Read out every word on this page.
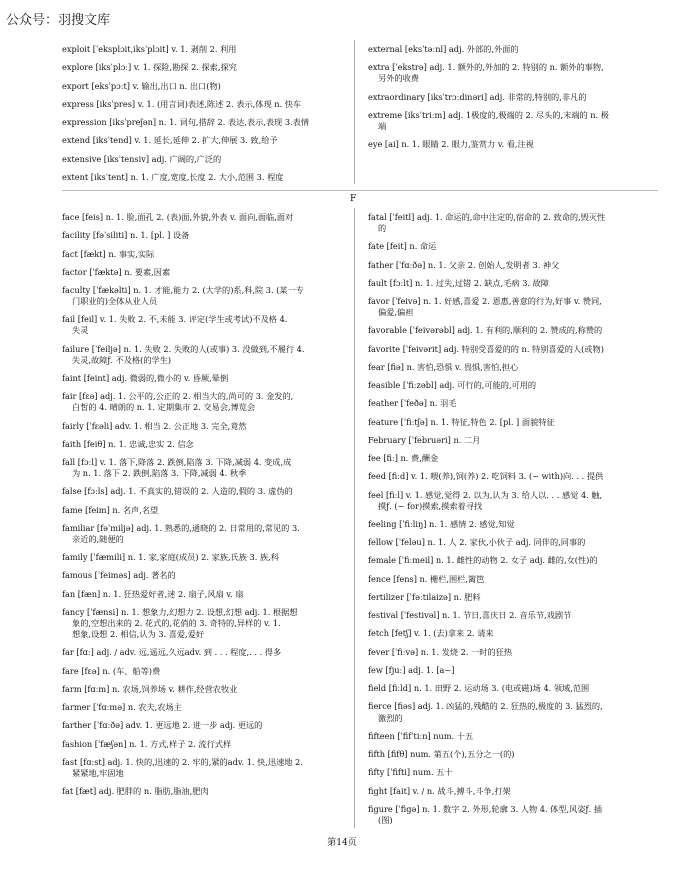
公众号：羽搜文库
exploit [ˈeksplɔit,iksˈplɔit] v. 1. 剥削 2. 利用
explore [iksˈplɔː] v. 1. 探险,勘探 2. 探索,探究
export [eksˈpɔːt] v. 输出,出口 n. 出口(物)
express [iksˈpres] v. 1. (用言词)表述,陈述 2. 表示,体现 n. 快车
expression [iksˈpreʃən] n. 1. 词句,措辞 2. 表达,表示,表现 3.表情
extend [iksˈtend] v. 1. 延长,延伸 2. 扩大,伸展 3. 致,给予
extensive [iksˈtensiv] adj. 广阔的,广泛的
extent [iksˈtent] n. 1. 广度,宽度,长度 2. 大小,范围 3. 程度
external [eksˈtəːnl] adj. 外部的,外面的
extra [ˈekstrə] adj. 1. 额外的,外加的 2. 特别的 n. 额外的事物,
另外的收费
extraordinary [iksˈtrɔːdinəri] adj. 非常的,特别的,非凡的
extreme [iksˈtriːm] adj. 1极度的,极端的 2. 尽头的,末端的 n. 极
端
eye [ai] n. 1. 眼睛 2. 眼力,鉴赏力 v. 看,注视
F
face [feis] n. 1. 脸,面孔 2. (表)面,外貌,外表 v. 面向,面临,面对
facility [fəˈsiliti] n. 1. [pl. ] 设备
fact [fækt] n. 事实,实际
factor [ˈfæktə] n. 要素,因素
faculty [ˈfækəlti] n. 1. 才能,能力 2. (大学的)系,科,院 3. (某一专
门职业的)全体从业人员
fail [feil] v. 1. 失败 2. 不,未能 3. 评定(学生或考试)不及格 4.
失灵
failure [ˈfeiljə] n. 1. 失败 2. 失败的人(或事) 3. 没做到,不履行 4.
失灵,故障ƒ. 不及格(的学生)
faint [feint] adj. 微弱的,微小的 v. 昏厥,晕倒
fair [fɛə] adj. 1. 公平的,公正的 2. 相当大的,尚可的 3. 金发的,
白皙的 4. 晴朗的 n. 1. 定期集市 2. 交易会,博览会
fairly [ˈfɛəli] adv. 1. 相当 2. 公正地 3. 完全,竟然
faith [feiθ] n. 1. 忠诚,忠实 2. 信念
fall [fɔːl] v. 1. 落下,降落 2. 跌倒,陷落 3. 下降,减弱 4. 变成,成
为 n. 1. 落下 2. 跌倒,陷落 3. 下降,减弱 4. 秋季
false [fɔːls] adj. 1. 不真实的,错误的 2. 人造的,假的 3. 虚伪的
fame [feim] n. 名声,名望
familiar [fəˈmiljə] adj. 1. 熟悉的,通晓的 2. 日常用的,常见的 3.
亲近的,随便的
family [ˈfæmili] n. 1. 家,家庭(成员) 2. 家族,氏族 3. 族,科
famous [ˈfeiməs] adj. 著名的
fan [fæn] n. 1. 狂热爱好者,迷 2. 扇子,风扇 v. 扇
fancy [ˈfænsi] n. 1. 想象力,幻想力 2. 设想,幻想 adj. 1. 根据想
象的,空想出来的 2. 花式的,花俏的 3. 奇特的,异样的 v. 1.
想象,设想 2. 相信,认为 3. 喜爱,爱好
far [fɑː] adj. / adv. 远,遥远,久远adv. 到 . . . 程度,. . . 得多
fare [fɛə] n. (车、船等)费
farm [fɑːm] n. 农场,饲养场 v. 耕作,经营农牧业
farmer [ˈfɑːmə] n. 农夫,农场主
farther [ˈfɑːðə] adv. 1. 更远地 2. 进一步 adj. 更远的
fashion [ˈfæʃən] n. 1. 方式,样子 2. 流行式样
fast [fɑːst] adj. 1. 快的,迅速的 2. 牢的,紧的adv. 1. 快,迅速地 2.
紧紧地,牢固地
fat [fæt] adj. 肥胖的 n. 脂肪,脂油,肥肉
fatal [ˈfeitl] adj. 1. 命运的,命中注定的,宿命的 2. 致命的,毁灭性
的
fate [feit] n. 命运
father [ˈfɑːðə] n. 1. 父亲 2. 创始人,发明者 3. 神父
fault [fɔːlt] n. 1. 过失,过错 2. 缺点,毛病 3. 故障
favor [ˈfeivə] n. 1. 好感,喜爱 2. 恩惠,善意的行为,好事 v. 赞同,
偏爱,偏袒
favorable [ˈfeivərəbl] adj. 1. 有利的,顺利的 2. 赞成的,称赞的
favorite [ˈfeivərit] adj. 特别受喜爱的的 n. 特别喜爱的人(或物)
fear [fiə] n. 害怕,恐惧 v. 畏惧,害怕,担心
feasible [ˈfiːzəbl] adj. 可行的,可能的,可用的
feather [ˈfeðə] n. 羽毛
feature [ˈfiːtʃə] n. 1. 特征,特色 2. [pl. ] 面貌特征
February [ˈfebruəri] n. 二月
fee [fiː] n. 费,酬金
feed [fiːd] v. 1. 喂(养),饲(养) 2. 吃饲料 3. (~ with)向. . . 提供
feel [fiːl] v. 1. 感觉,觉得 2. 以为,认为 3. 给人以. . . 感觉 4. 触,
摸ƒ. (~ for)摸索,摸索着寻找
feeling [ˈfiːliŋ] n. 1. 感情 2. 感觉,知觉
fellow [ˈfeləu] n. 1. 人 2. 家伙,小伙子 adj. 同伴的,同事的
female [ˈfiːmeil] n. 1. 雌性的动物 2. 女子 adj. 雌的,女(性)的
fence [fens] n. 栅栏,围栏,篱笆
fertilizer [ˈfəːtilaizə] n. 肥料
festival [ˈfestivəl] n. 1. 节日,喜庆日 2. 音乐节,戏剧节
fetch [fetʃ] v. 1. (去)拿来 2. 请来
fever [ˈfiːvə] n. 1. 发烧 2. 一时的狂热
few [fjuː] adj. 1. [a~]
field [fiːld] n. 1. 田野 2. 运动场 3. (电或磁)场 4. 领域,范围
fierce [fiəs] adj. 1. 凶猛的,残酷的 2. 狂热的,极度的 3. 猛烈的,
激烈的
fifteen [ˈfifˈtiːn] num. 十五
fifth [fifθ] num. 第五(个),五分之一(的)
fifty [ˈfifti] num. 五十
fight [fait] v. / n. 战斗,搏斗,斗争,打架
figure [ˈfigə] n. 1. 数字 2. 外形,轮廓 3. 人物 4. 体型,风姿ƒ. 插
(图)
第14页
